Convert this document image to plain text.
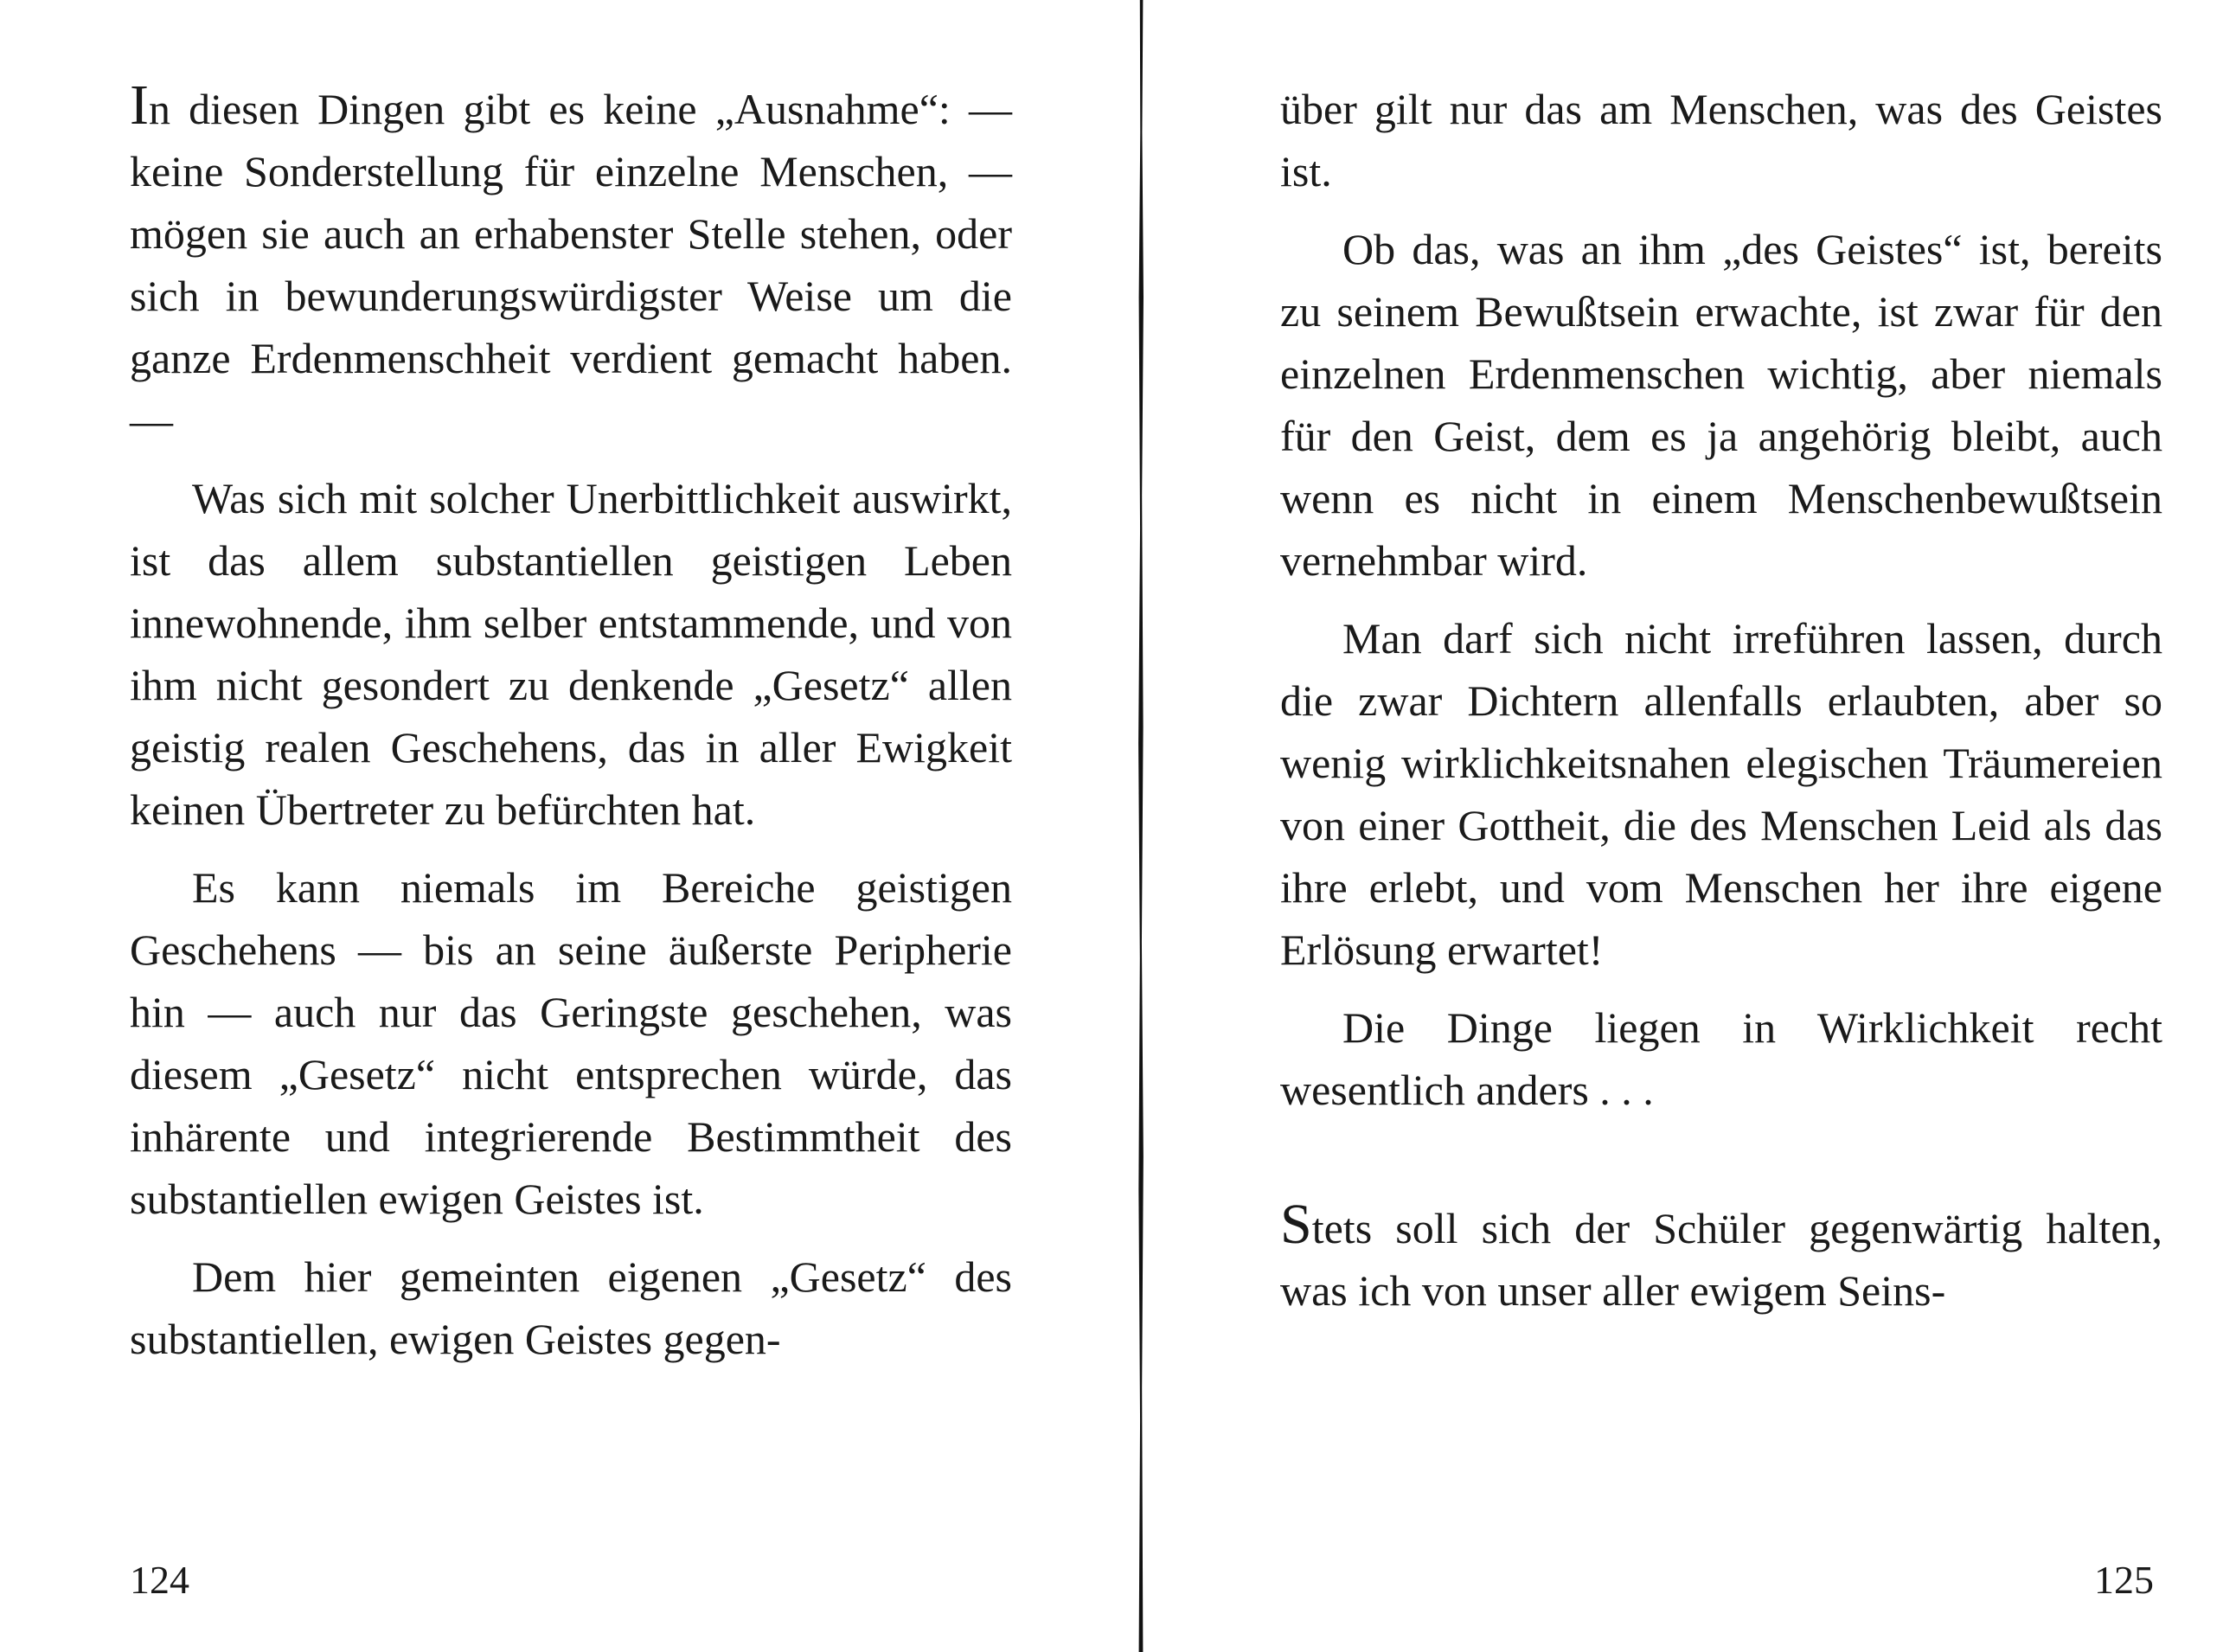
In diesen Dingen gibt es keine „Ausnahme“: — keine Sonderstellung für einzelne Menschen, — mögen sie auch an erhabenster Stelle stehen, oder sich in bewunderungswürdigster Weise um die ganze Erdenmenschheit verdient gemacht haben. —

Was sich mit solcher Unerbittlichkeit auswirkt, ist das allem substantiellen geistigen Leben innewohnende, ihm selber entstammende, und von ihm nicht gesondert zu denkende „Gesetz“ allen geistig realen Geschehens, das in aller Ewigkeit keinen Übertreter zu befürchten hat.

Es kann niemals im Bereiche geistigen Geschehens — bis an seine äußerste Peripherie hin — auch nur das Geringste geschehen, was diesem „Gesetz“ nicht entsprechen würde, das inhärente und integrierende Bestimmtheit des substantiellen ewigen Geistes ist.

Dem hier gemeinten eigenen „Gesetz“ des substantiellen, ewigen Geistes gegen-

124

über gilt nur das am Menschen, was des Geistes ist.

Ob das, was an ihm „des Geistes“ ist, bereits zu seinem Bewußtsein erwachte, ist zwar für den einzelnen Erdenmenschen wichtig, aber niemals für den Geist, dem es ja angehörig bleibt, auch wenn es nicht in einem Menschenbewußtsein vernehmbar wird.

Man darf sich nicht irreführen lassen, durch die zwar Dichtern allenfalls erlaubten, aber so wenig wirklichkeitsnahen elegischen Träumereien von einer Gottheit, die des Menschen Leid als das ihre erlebt, und vom Menschen her ihre eigene Erlösung erwartet!

Die Dinge liegen in Wirklichkeit recht wesentlich anders . . .

Stets soll sich der Schüler gegenwärtig halten, was ich von unser aller ewigem Seins-

125
